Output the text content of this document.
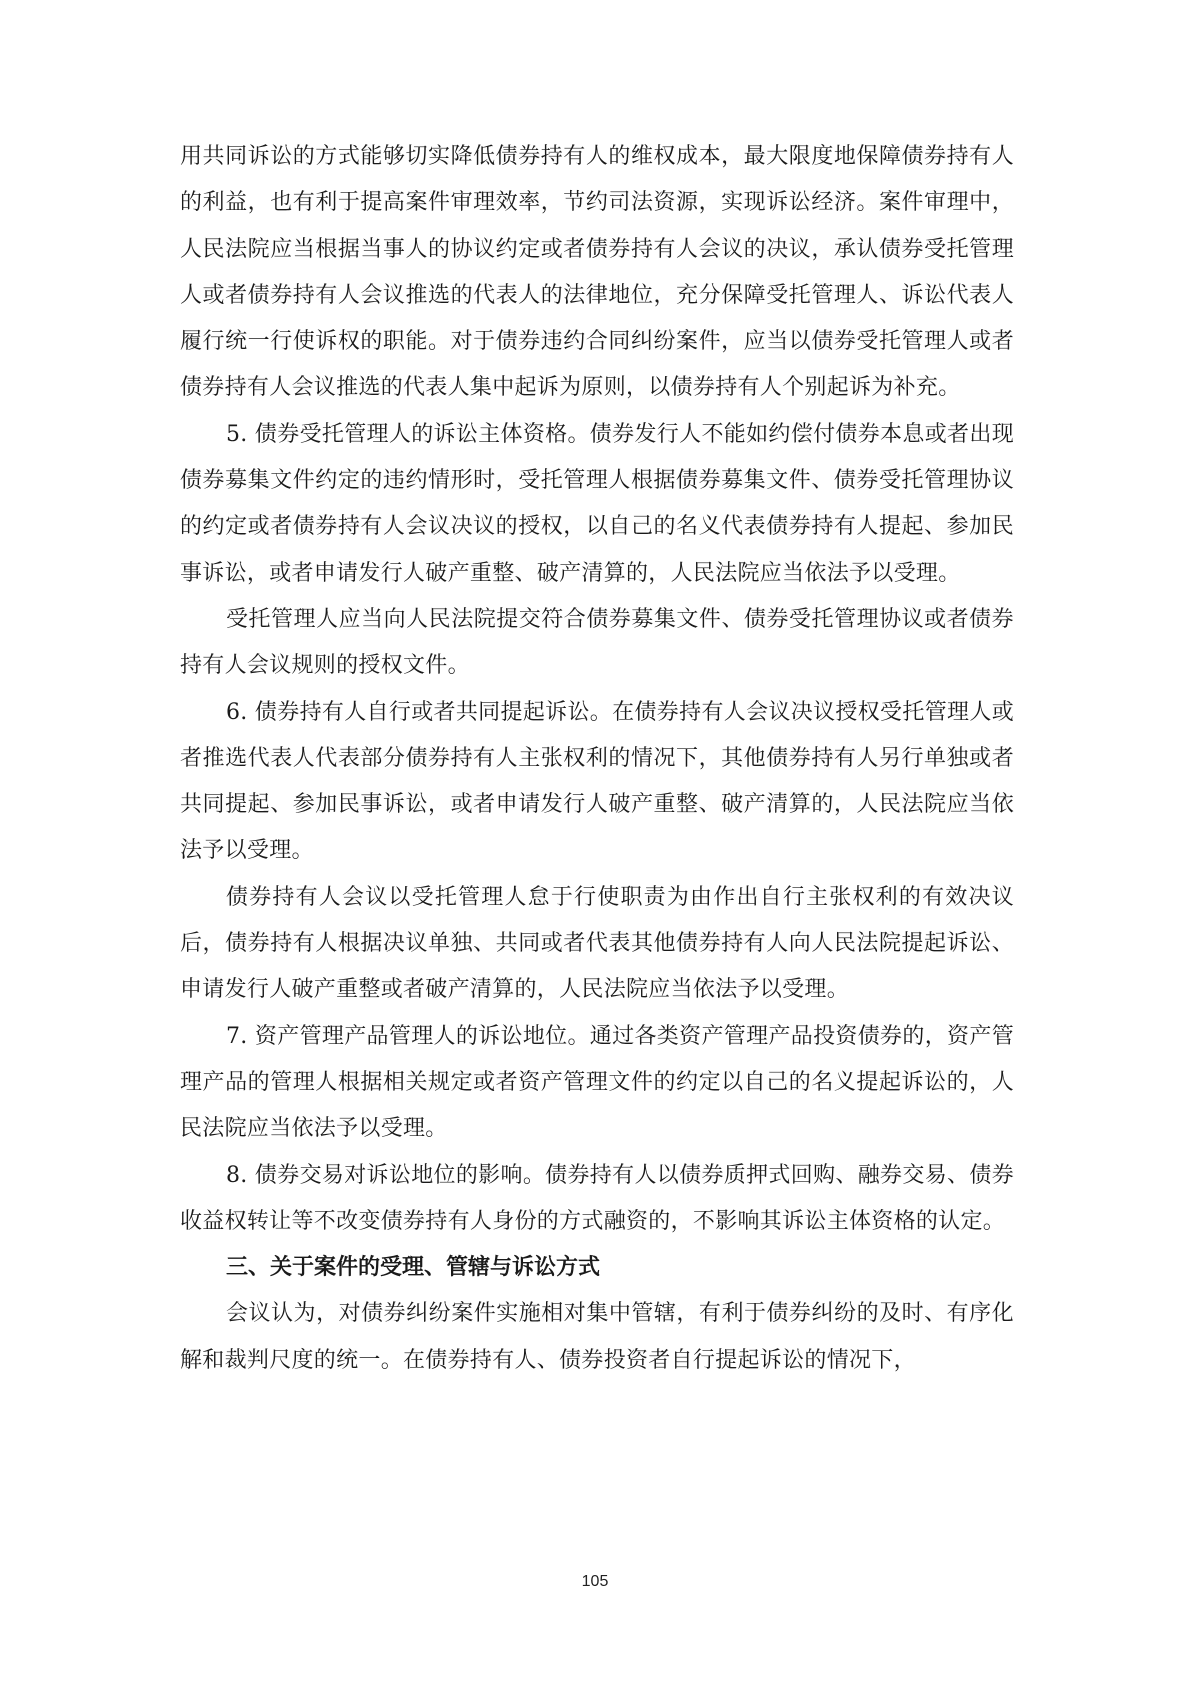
用共同诉讼的方式能够切实降低债券持有人的维权成本，最大限度地保障债券持有人的利益，也有利于提高案件审理效率，节约司法资源，实现诉讼经济。案件审理中，人民法院应当根据当事人的协议约定或者债券持有人会议的决议，承认债券受托管理人或者债券持有人会议推选的代表人的法律地位，充分保障受托管理人、诉讼代表人履行统一行使诉权的职能。对于债券违约合同纠纷案件，应当以债券受托管理人或者债券持有人会议推选的代表人集中起诉为原则，以债券持有人个别起诉为补充。

5. 债券受托管理人的诉讼主体资格。债券发行人不能如约偿付债券本息或者出现债券募集文件约定的违约情形时，受托管理人根据债券募集文件、债券受托管理协议的约定或者债券持有人会议决议的授权，以自己的名义代表债券持有人提起、参加民事诉讼，或者申请发行人破产重整、破产清算的，人民法院应当依法予以受理。

受托管理人应当向人民法院提交符合债券募集文件、债券受托管理协议或者债券持有人会议规则的授权文件。

6. 债券持有人自行或者共同提起诉讼。在债券持有人会议决议授权受托管理人或者推选代表人代表部分债券持有人主张权利的情况下，其他债券持有人另行单独或者共同提起、参加民事诉讼，或者申请发行人破产重整、破产清算的，人民法院应当依法予以受理。

债券持有人会议以受托管理人怠于行使职责为由作出自行主张权利的有效决议后，债券持有人根据决议单独、共同或者代表其他债券持有人向人民法院提起诉讼、申请发行人破产重整或者破产清算的，人民法院应当依法予以受理。

7. 资产管理产品管理人的诉讼地位。通过各类资产管理产品投资债券的，资产管理产品的管理人根据相关规定或者资产管理文件的约定以自己的名义提起诉讼的，人民法院应当依法予以受理。

8. 债券交易对诉讼地位的影响。债券持有人以债券质押式回购、融券交易、债券收益权转让等不改变债券持有人身份的方式融资的，不影响其诉讼主体资格的认定。

三、关于案件的受理、管辖与诉讼方式

会议认为，对债券纠纷案件实施相对集中管辖，有利于债券纠纷的及时、有序化解和裁判尺度的统一。在债券持有人、债券投资者自行提起诉讼的情况下，

105
